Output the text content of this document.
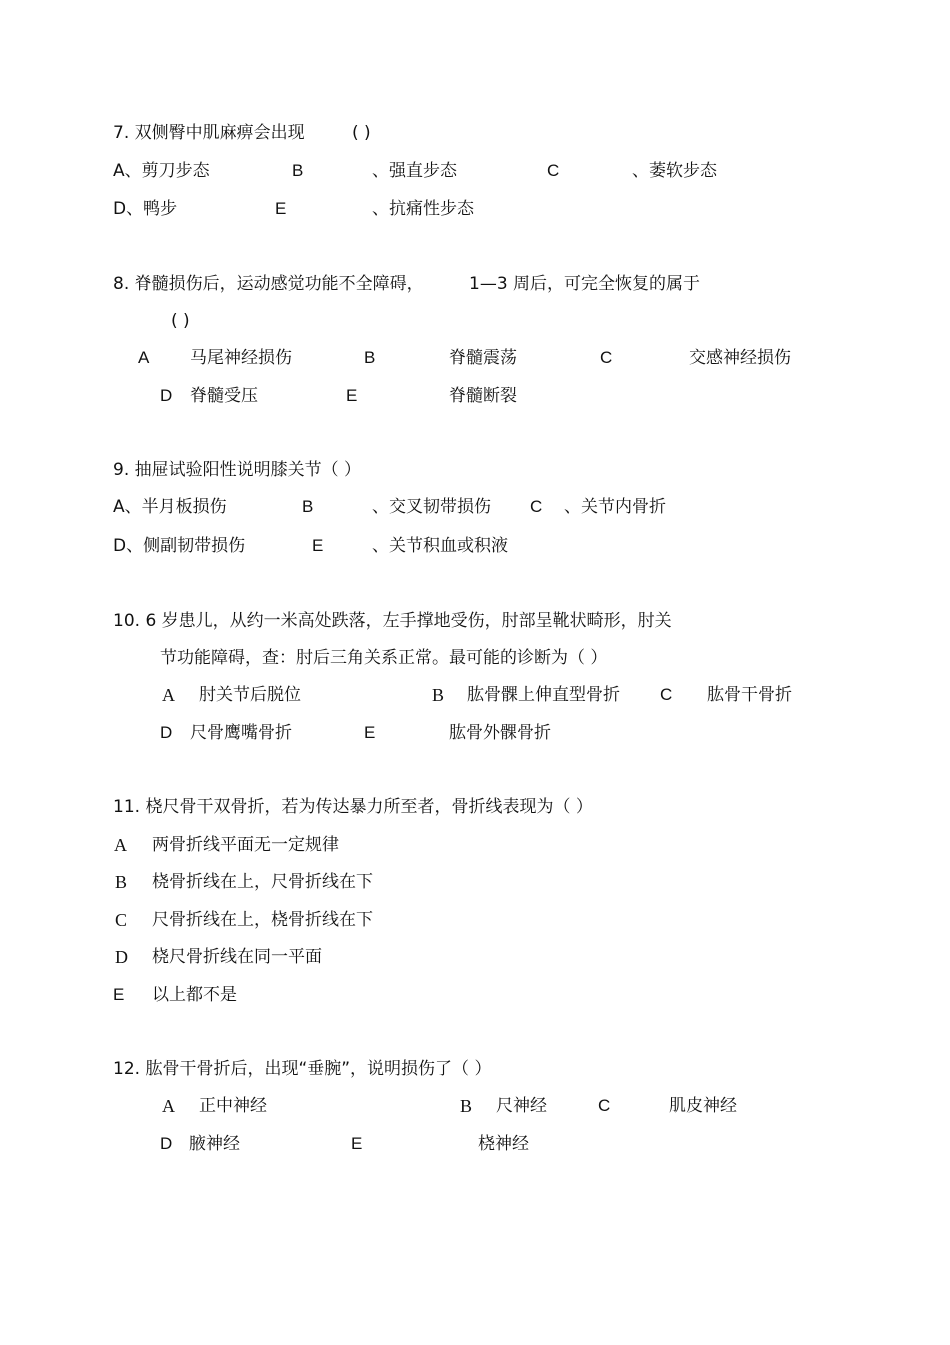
7. 双侧臀中肌麻痹会出现	( )
A、剪刀步态	B	、强直步态	C	、萎软步态
D、鸭步	E	、抗痛性步态
8. 脊髓损伤后，运动感觉功能不全障碍，	1—3 周后，可完全恢复的属于
( )
A 马尾神经损伤	B	脊髓震荡	C	交感神经损伤
D 脊髓受压	E	脊髓断裂
9. 抽屉试验阳性说明膝关节（ ）
A、半月板损伤	B	、交叉韧带损伤 C 、关节内骨折
D、侧副韧带损伤	E	、关节积血或积液
10. 6 岁患儿，从约一米高处跌落，左手撑地受伤，肘部呈靴状畸形，肘关
节功能障碍，查：肘后三角关系正常。最可能的诊断为（ ）
A 肘关节后脱位	B 肱骨髁上伸直型骨折 C 肱骨干骨折
D 尺骨鹰嘴骨折	E	肱骨外髁骨折
11. 桡尺骨干双骨折，若为传达暴力所至者，骨折线表现为（ ）
A 两骨折线平面无一定规律
B 桡骨折线在上，尺骨折线在下
C 尺骨折线在上，桡骨折线在下
D 桡尺骨折线在同一平面
E 以上都不是
12. 肱骨干骨折后，出现“垂腕”，说明损伤了（ ）
A 正中神经	B 尺神经	C	肌皮神经
D 腋神经	E	桡神经
